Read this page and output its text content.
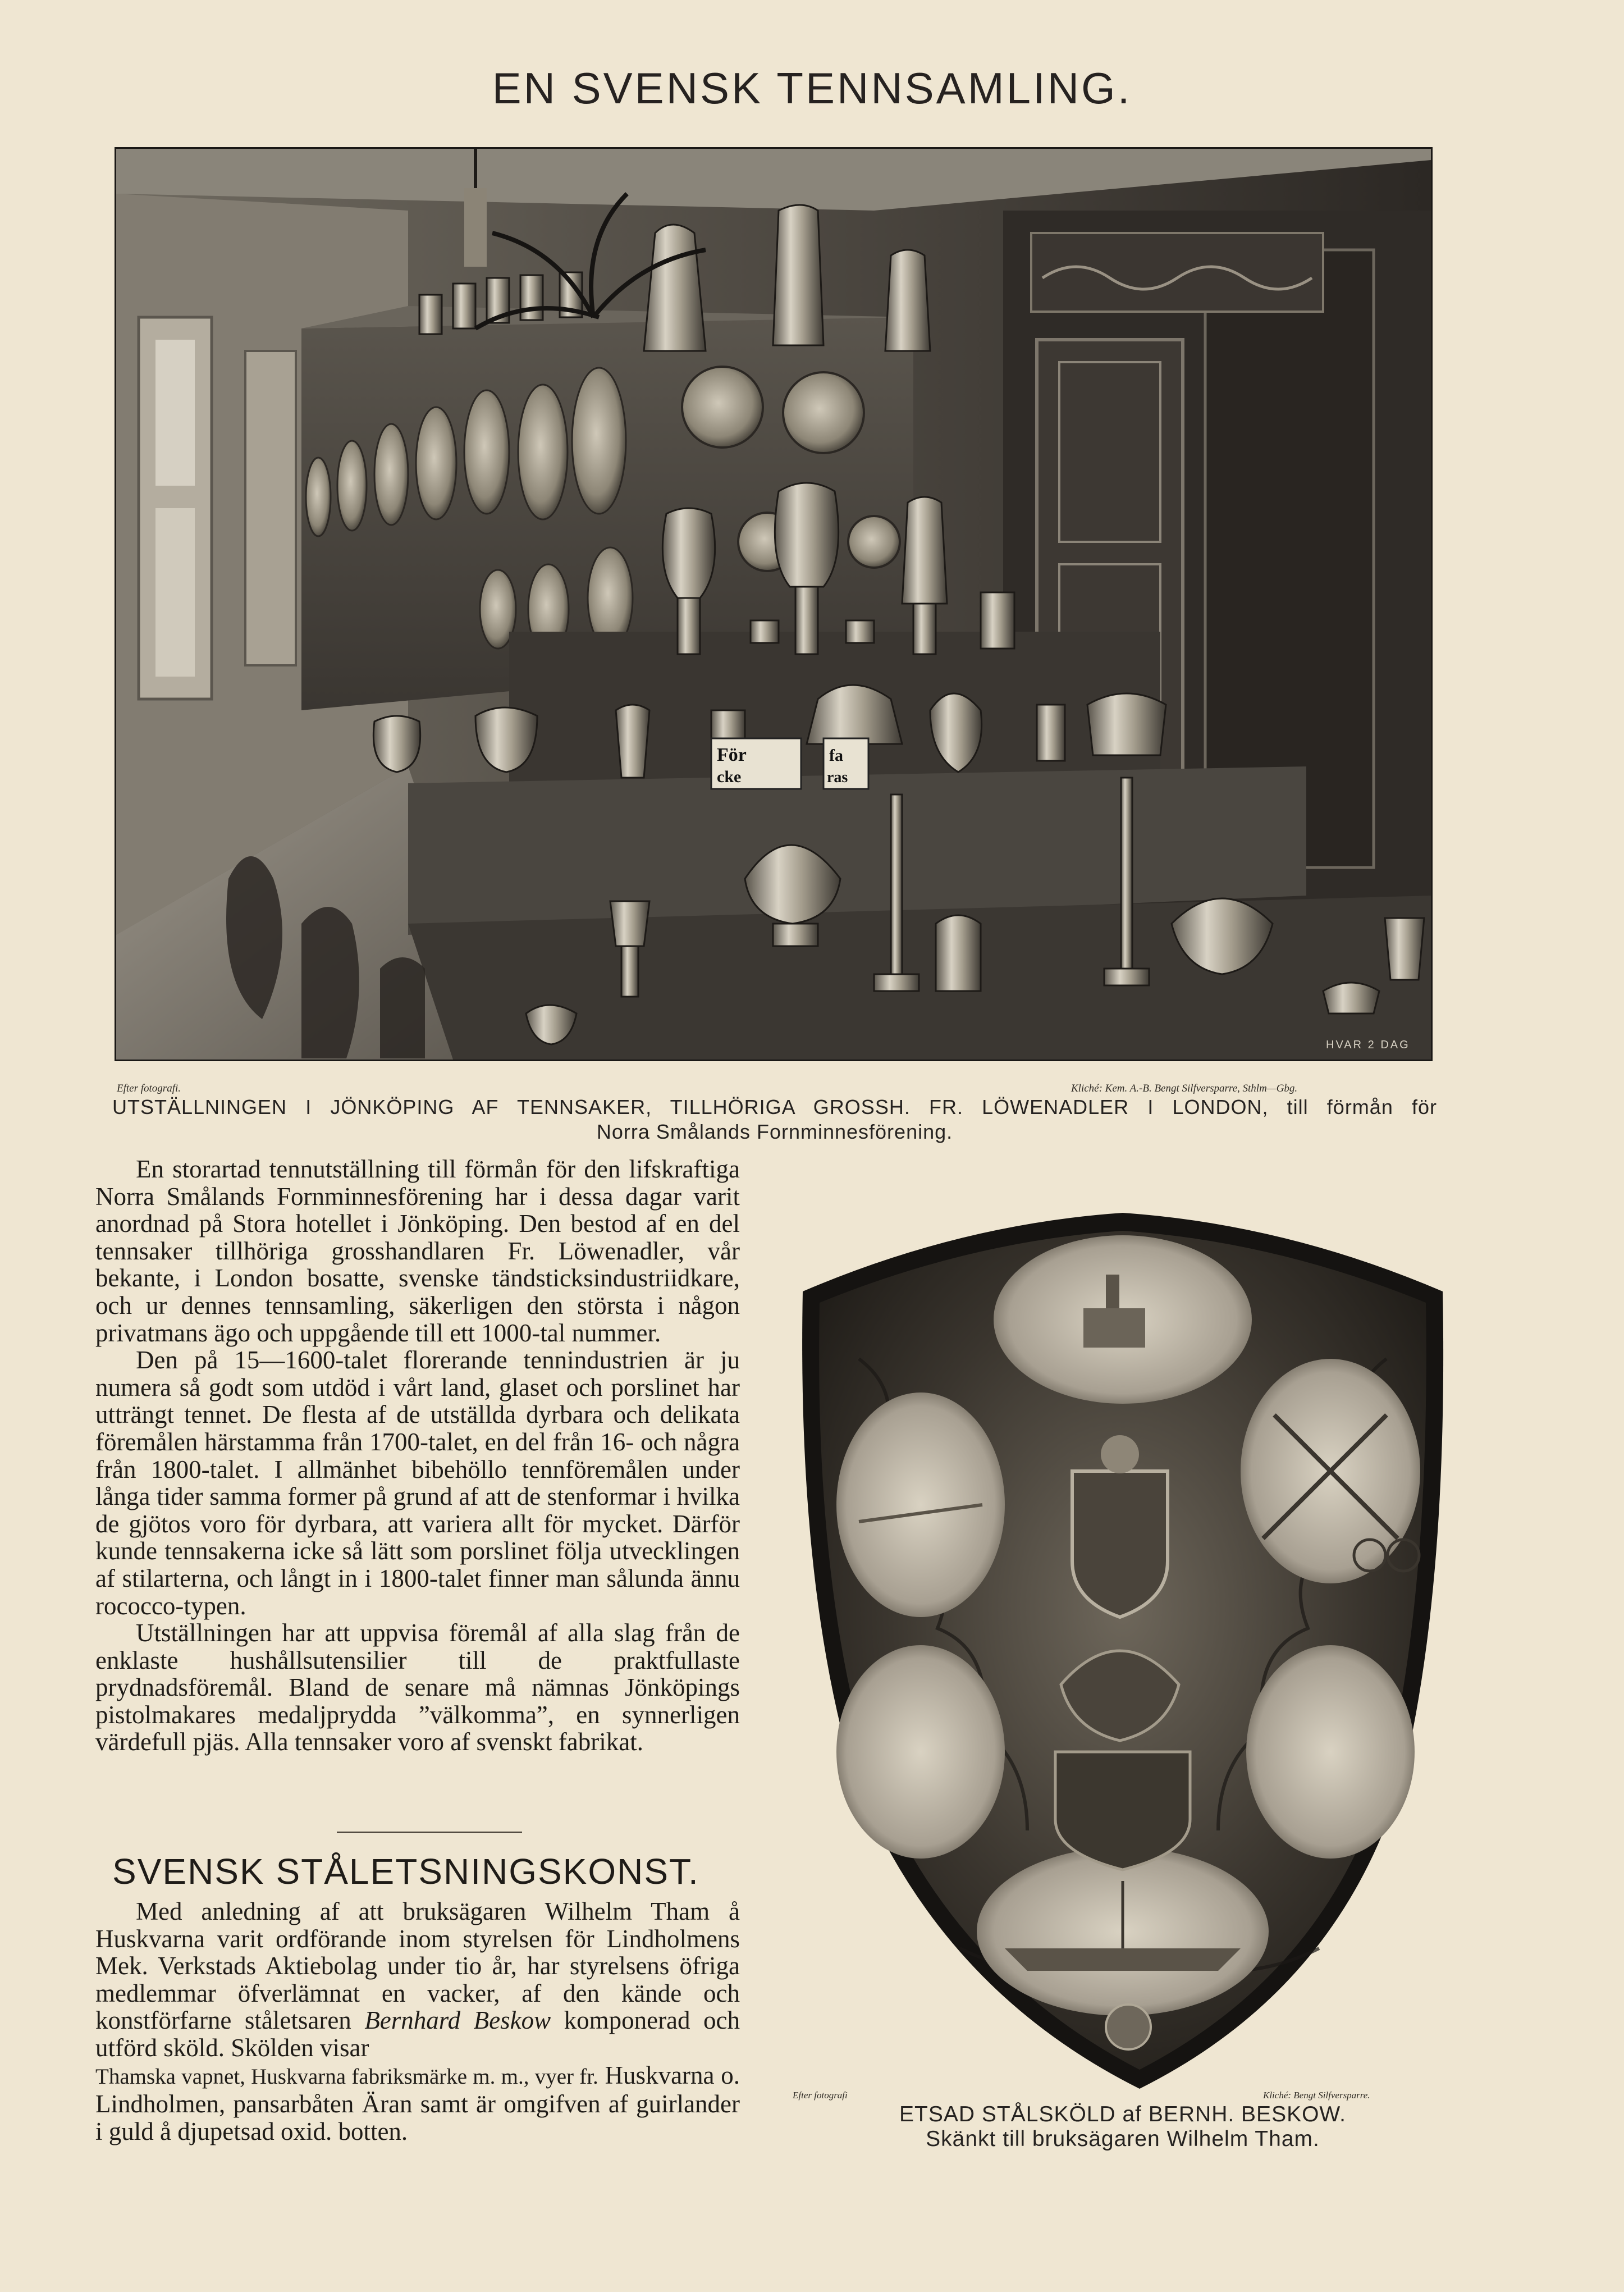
EN SVENSK TENNSAMLING.
För
cke
fa
ras
HVAR 2 DAG
Efter fotografi.	Kliché: Kem. A.-B. Bengt Silfversparre, Sthlm—Gbg.
UTSTÄLLNINGEN I JÖNKÖPING AF TENNSAKER, TILLHÖRIGA GROSSH. FR. LÖWENADLER I LONDON, till förmån för
Norra Smålands Fornminnesförening.

En storartad tennutställning till förmån för den lifskraftiga Norra Smålands Fornminnesförening har i dessa dagar varit anordnad på Stora hotellet i Jönköping. Den bestod af en del tennsaker tillhöriga grosshandlaren Fr. Löwenadler, vår bekante, i London bosatte, svenske tändsticksindustriidkare, och ur dennes tennsamling, säkerligen den största i någon privatmans ägo och uppgående till ett 1000-tal nummer.

Den på 15—1600-talet florerande tennindustrien är ju numera så godt som utdöd i vårt land, glaset och porslinet har utträngt tennet. De flesta af de utställda dyrbara och delikata föremålen härstamma från 1700-talet, en del från 16- och några från 1800-talet. I allmänhet bibehöllo tennföremålen under långa tider samma former på grund af att de stenformar i hvilka de gjötos voro för dyrbara, att variera allt för mycket. Därför kunde tennsakerna icke så lätt som porslinet följa utvecklingen af stilarterna, och långt in i 1800-talet finner man sålunda ännu rococco-typen.

Utställningen har att uppvisa föremål af alla slag från de enklaste hushållsutensilier till de praktfullaste prydnadsföremål. Bland de senare må nämnas Jönköpings pistolmakares medaljprydda ”välkomma”, en synnerligen värdefull pjäs. Alla tennsaker voro af svenskt fabrikat.

SVENSK STÅLETSNINGSKONST.

Med anledning af att bruksägaren Wilhelm Tham å Huskvarna varit ordförande inom styrelsen för Lindholmens Mek. Verkstads Aktiebolag under tio år, har styrelsens öfriga medlemmar öfverlämnat en vacker, af den kände och konstförfarne ståletsaren Bernhard Beskow komponerad och utförd sköld. Skölden visar
Thamska vapnet, Huskvarna fabriksmärke m. m., vyer fr. Huskvarna o. Lindholmen, pansarbåten Äran samt är omgifven af guirlander i guld å djupetsad oxid. botten.

Efter fotografi	Kliché: Bengt Silfversparre.
ETSAD STÅLSKÖLD af BERNH. BESKOW.
Skänkt till bruksägaren Wilhelm Tham.
